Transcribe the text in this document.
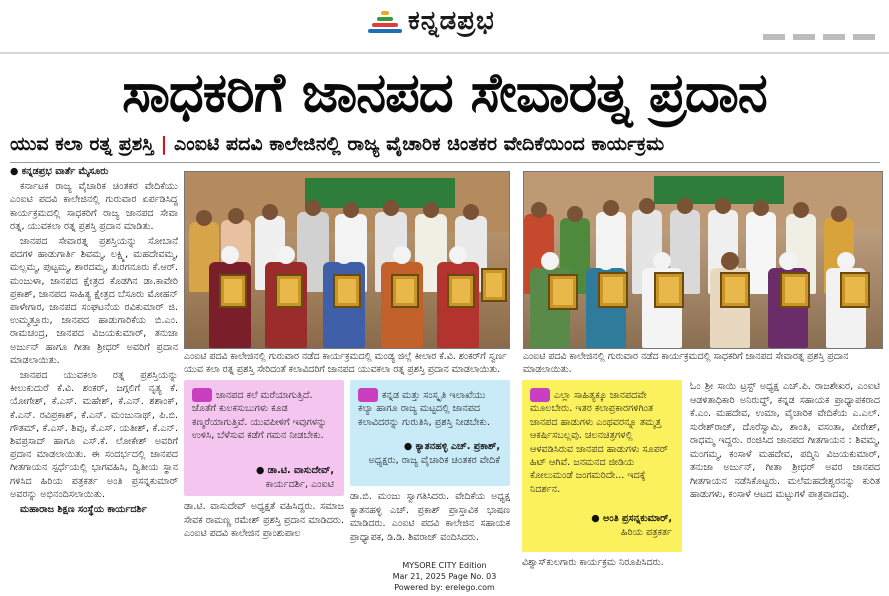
ಕನ್ನಡಪ್ರಭ
ಸಾಧಕರಿಗೆ ಜಾನಪದ ಸೇವಾರತ್ನ ಪ್ರದಾನ
ಯುವ ಕಲಾ ರತ್ನ ಪ್ರಶಸ್ತಿ | ಎಂಐಟಿ ಪದವಿ ಕಾಲೇಜಿನಲ್ಲಿ ರಾಜ್ಯ ವೈಚಾರಿಕ ಚಿಂತಕರ ವೇದಿಕೆಯಿಂದ ಕಾರ್ಯಕ್ರಮ
● ಕನ್ನಡಪ್ರಭ ವಾರ್ತೆ ಮೈಸೂರು

ಕರ್ನಾಟಕ ರಾಜ್ಯ ವೈಚಾರಿಕ ಚಿಂತಕರ ವೇದಿಕೆಯು ಎಂಐಟಿ ಪದವಿ ಕಾಲೇಜಿನಲ್ಲಿ ಗುರುವಾರ ಏರ್ಪಡಿಸಿದ್ದ ಕಾರ್ಯಕ್ರಮದಲ್ಲಿ ಸಾಧಕರಿಗೆ ರಾಜ್ಯ ಜಾನಪದ ಸೇವಾ ರತ್ನ, ಯುವಕಲಾ ರತ್ನ ಪ್ರಶಸ್ತಿ ಪ್ರದಾನ ಮಾಡಿತು.

ಜಾನಪದ ಸೇವಾರತ್ನ ಪ್ರಶಸ್ತಿಯನ್ನು ಸೋಬಾನೆ ಪದಗಳ ಹಾಡುಗಾರ್ತಿ ಶಿವಮ್ಮ, ಲಕ್ಷ್ಮಿ, ಮಹದೇವಮ್ಮ, ಮಲ್ಲಮ್ಮ, ಪುಟ್ಟಮ್ಮ, ಶಾರದಮ್ಮ, ತುರಗನೂರು ಕೆ.ಆರ್. ಮಂಜುಳಾ, ಜಾನಪದ ಕ್ಷೇತ್ರದ ಕೊಡಗಿನ ಡಾ.ಕಾವೇರಿ ಪ್ರಕಾಶ್, ಜಾನಪದ ಸಾಹಿತ್ಯ ಕ್ಷೇತ್ರದ ಬೆಸೂರು ಮೋಹನ್ ಪಾಳೇಗಾರ, ಜಾನಪದ ಸಂಘಟನೆಯ ರವಿಕುಮಾರ್ ಜಿ. ಉಮ್ಮತ್ತೂರು, ಜಾನಪದ ಹಾಡುಗಾರಿಕೆಯ ಬಿ.ಎಂ. ರಾಮಚಂದ್ರ, ಜಾನಪದ ವಿಜಯಕುಮಾರ್, ತನುಜಾ ಅರ್ಜುನ್ ಹಾಗೂ ಗೀತಾ ಶ್ರೀಧರ್ ಅವರಿಗೆ ಪ್ರದಾನ ಮಾಡಲಾಯಿತು.

ಜಾನಪದ ಯುವಕಲಾ ರತ್ನ ಪ್ರಶಸ್ತಿಯನ್ನು ಕೀಲುಕುದುರೆ ಕೆ.ವಿ. ಶಂಕರ್, ಜಗ್ಗಲಿಗೆ ನೃತ್ಯ ಕೆ. ಯೋಗೇಶ್, ಕೆ.ಎಸ್. ಮಹೇಶ್, ಕೆ.ಎನ್. ಶಶಾಂಕ್, ಕೆ.ಎನ್. ರವಿಪ್ರಕಾಶ್, ಕೆ.ಎನ್. ಮಂಜುನಾಥ್, ಪಿ.ಬಿ. ಗೌತಮ್, ಕೆ.ಎಸ್. ಶಿವು, ಕೆ.ಎಸ್. ಯತೀಶ್, ಕೆ.ಎನ್. ಶಿವಪ್ರಸಾದ್ ಹಾಗೂ ಎಸ್.ಕೆ. ಲೋಕೇಶ್ ಅವರಿಗೆ ಪ್ರದಾನ ಮಾಡಲಾಯಿತು. ಈ ಸಂದರ್ಭದಲ್ಲಿ ಜಾನಪದ ಗೀತಗಾಯನ ಸ್ಪರ್ಧೆಯಲ್ಲಿ ಭಾಗವಹಿಸಿ, ದ್ವಿತೀಯ ಸ್ಥಾನ ಗಳಿಸಿದ ಹಿರಿಯ ಪತ್ರಕರ್ತ ಅಂತಿ ಪ್ರಸನ್ನಕುಮಾರ್ ಅವರನ್ನು ಅಭಿನಂದಿಸಲಾಯಿತು.

ಮಹಾರಾಜ ಶಿಕ್ಷಣ ಸಂಸ್ಥೆಯ ಕಾರ್ಯದರ್ಶಿ

ಎಂಐಟಿ ಪದವಿ ಕಾಲೇಜಿನಲ್ಲಿ ಗುರುವಾರ ನಡೆದ ಕಾರ್ಯಕ್ರಮದಲ್ಲಿ ಮಂಡ್ಯ ಜಿಲ್ಲೆ ಕೀಲಾರ ಕೆ.ವಿ. ಶಂಕರ್‌ಗೆ ಸ್ವರ್ಣ ಯುವ ಕಲಾ ರತ್ನ ಪ್ರಶಸ್ತಿ ಸೇರಿದಂತೆ ಕಲಾವಿದರಿಗೆ ಜಾನಪದ ಯುವಕಲಾ ರತ್ನ ಪ್ರಶಸ್ತಿ ಪ್ರದಾನ ಮಾಡಲಾಯಿತು.
ಎಂಐಟಿ ಪದವಿ ಕಾಲೇಜಿನಲ್ಲಿ ಗುರುವಾರ ನಡೆದ ಕಾರ್ಯಕ್ರಮದಲ್ಲಿ ಸಾಧಕರಿಗೆ ಜಾನಪದ ಸೇವಾರತ್ನ ಪ್ರಶಸ್ತಿ ಪ್ರದಾನ ಮಾಡಲಾಯಿತು.
ಜಾನಪದ ಕಲೆ ಮರೆಯಾಗುತ್ತಿದೆ. ಜೊತೆಗೆ ಕುಲಕಸುಬುಗಳು ಕೂಡ ಕಣ್ಮರೆಯಾಗುತ್ತಿವೆ. ಯುವಪೀಳಿಗೆ ಇವುಗಳನ್ನು ಉಳಿಸಿ, ಬೆಳೆಸುವ ಕಡೆಗೆ ಗಮನ ನೀಡಬೇಕು.
● ಡಾ.ಟಿ. ವಾಸುದೇವ್,
ಕಾರ್ಯದರ್ಶಿ, ಎಂಐಟಿ
ಕನ್ನಡ ಮತ್ತು ಸಂಸ್ಕೃತಿ ಇಲಾಖೆಯು ಕಲ್ಯಾ ಹಾಗೂ ರಾಜ್ಯ ಮಟ್ಟದಲ್ಲಿ ಜಾನಪದ ಕಲಾವಿದರನ್ನು ಗುರುತಿಸಿ, ಪ್ರಶಸ್ತಿ ನೀಡಬೇಕು.
● ಕ್ಯಾತನಹಳ್ಳಿ ಎಚ್. ಪ್ರಕಾಶ್,
ಅಧ್ಯಕ್ಷರು, ರಾಜ್ಯ ವೈಚಾರಿಕ ಚಿಂತಕರ ವೇದಿಕೆ
ಎಲ್ಲಾ ಸಾಹಿತ್ಯಕ್ಕೂ ಜಾನಪದವೇ ಮೂಲಬೇರು. ಇತರ ಕಲಾಪ್ರಕಾರಗಳಿಗಿಂತ ಜಾನಪದ ಹಾಡುಗಳು ಎಂಥವರನ್ನೂ ತಮ್ಮತ್ತ ಆಕರ್ಷಿಸಬಲ್ಲವು. ಚಲನಚಿತ್ರಗಳಲ್ಲಿ ಆಳವಡಿಸಿರುವ ಜಾನಪದ ಹಾಡುಗಳು ಸೂಪರ್ ಹಿಟ್ ಆಗಿವೆ. ಜನಮನದ ಜೀಡಿಯ ಕೋಲುಮಂಡೆ ಜಂಗಮರಿದೇ... ಇದಕ್ಕೆ ನಿದರ್ಶನ.
● ಅಂತಿ ಪ್ರಸನ್ನಕುಮಾರ್,
ಹಿರಿಯ ಪತ್ರಕರ್ತ
ಡಾ.ಟಿ. ವಾಸುದೇವ್ ಅಧ್ಯಕ್ಷತೆ ವಹಿಸಿದ್ದರು. ಸಮಾಜ ಸೇವಕ ರಾಮಣ್ಣ ರಮೇಶ್ ಪ್ರಶಸ್ತಿ ಪ್ರದಾನ ಮಾಡಿದರು. ಎಂಐಟಿ ಪದವಿ ಕಾಲೇಜಿನ ಪ್ರಾಂಶುಪಾಲ
ಡಾ.ಬಿ. ಮಂಜು ಸ್ವಾಗತಿಸಿದರು. ವೇದಿಕೆಯ ಅಧ್ಯಕ್ಷ ಕ್ಯಾತನಹಳ್ಳಿ ಎಚ್. ಪ್ರಕಾಶ್ ಪ್ರಾಸ್ತಾವಿಕ ಭಾಷಣ ಮಾಡಿದರು. ಎಂಐಟಿ ಪದವಿ ಕಾಲೇಜಿನ ಸಹಾಯಕ ಪ್ರಾಧ್ಯಾಪಕ, ಡಿ.ಡಿ. ಶಿವರಾಜ್ ವಂದಿಸಿದರು.
ವಿಶ್ವಾಸ್‌ಕುಲಗಾರು ಕಾರ್ಯಕ್ರಮ ನಿರೂಪಿಸಿದರು.
ಓಂ ಶ್ರೀ ಸಾಯಿ ಟ್ರಸ್ಟ್ ಅಧ್ಯಕ್ಷ ಎಚ್.ಪಿ. ರಾಜಶೇಖರ, ಎಂಐಟಿ ಆಡಳಿತಾಧಿಕಾರಿ ಅನಿರುದ್ಧ್, ಕನ್ನಡ ಸಹಾಯಕ ಪ್ರಾಧ್ಯಾಪಕರಾದ ಕೆ.ಎಂ. ಮಹದೇವ, ಉಮಾ, ವೈಚಾರಿಕ ವೇದಿಕೆಯ ಎ.ಎಲ್. ಸುರೇಶ್‌ರಾಜ್, ದೊರೆಸ್ವಾಮಿ, ಶಾಂತಿ, ವಸಂತಾ, ವೀರೇಶ್, ರಾಧಮ್ಮ ಇದ್ದರು. ರಂಜಿಸಿದ ಜಾನಪದ ಗೀತಗಾಯನ : ಶಿವಮ್ಮ, ಮಂಗಮ್ಮ, ಕಂಸಾಳೆ ಮಹದೇವ, ಪದ್ಮಿನಿ ವಿಜಯಕುಮಾರ್, ತನುಜಾ ಅರ್ಜುನ್, ಗೀತಾ ಶ್ರೀಧರ್ ಅವರ ಜಾನಪದ ಗೀತಗಾಯನ ನಡೆಸಿಕೊಟ್ಟರು. ಮಲೆಮಹದೇಶ್ವರನನ್ನು ಕುರಿತ ಹಾಡುಗಳು, ಕಂಸಾಳೆ ಆಟದ ಮಟ್ಟುಗಳೆ ಪಾತ್ರವಾದವು.
MYSORE CITY Edition
Mar 21, 2025 Page No. 03
Powered by: erelego.com
